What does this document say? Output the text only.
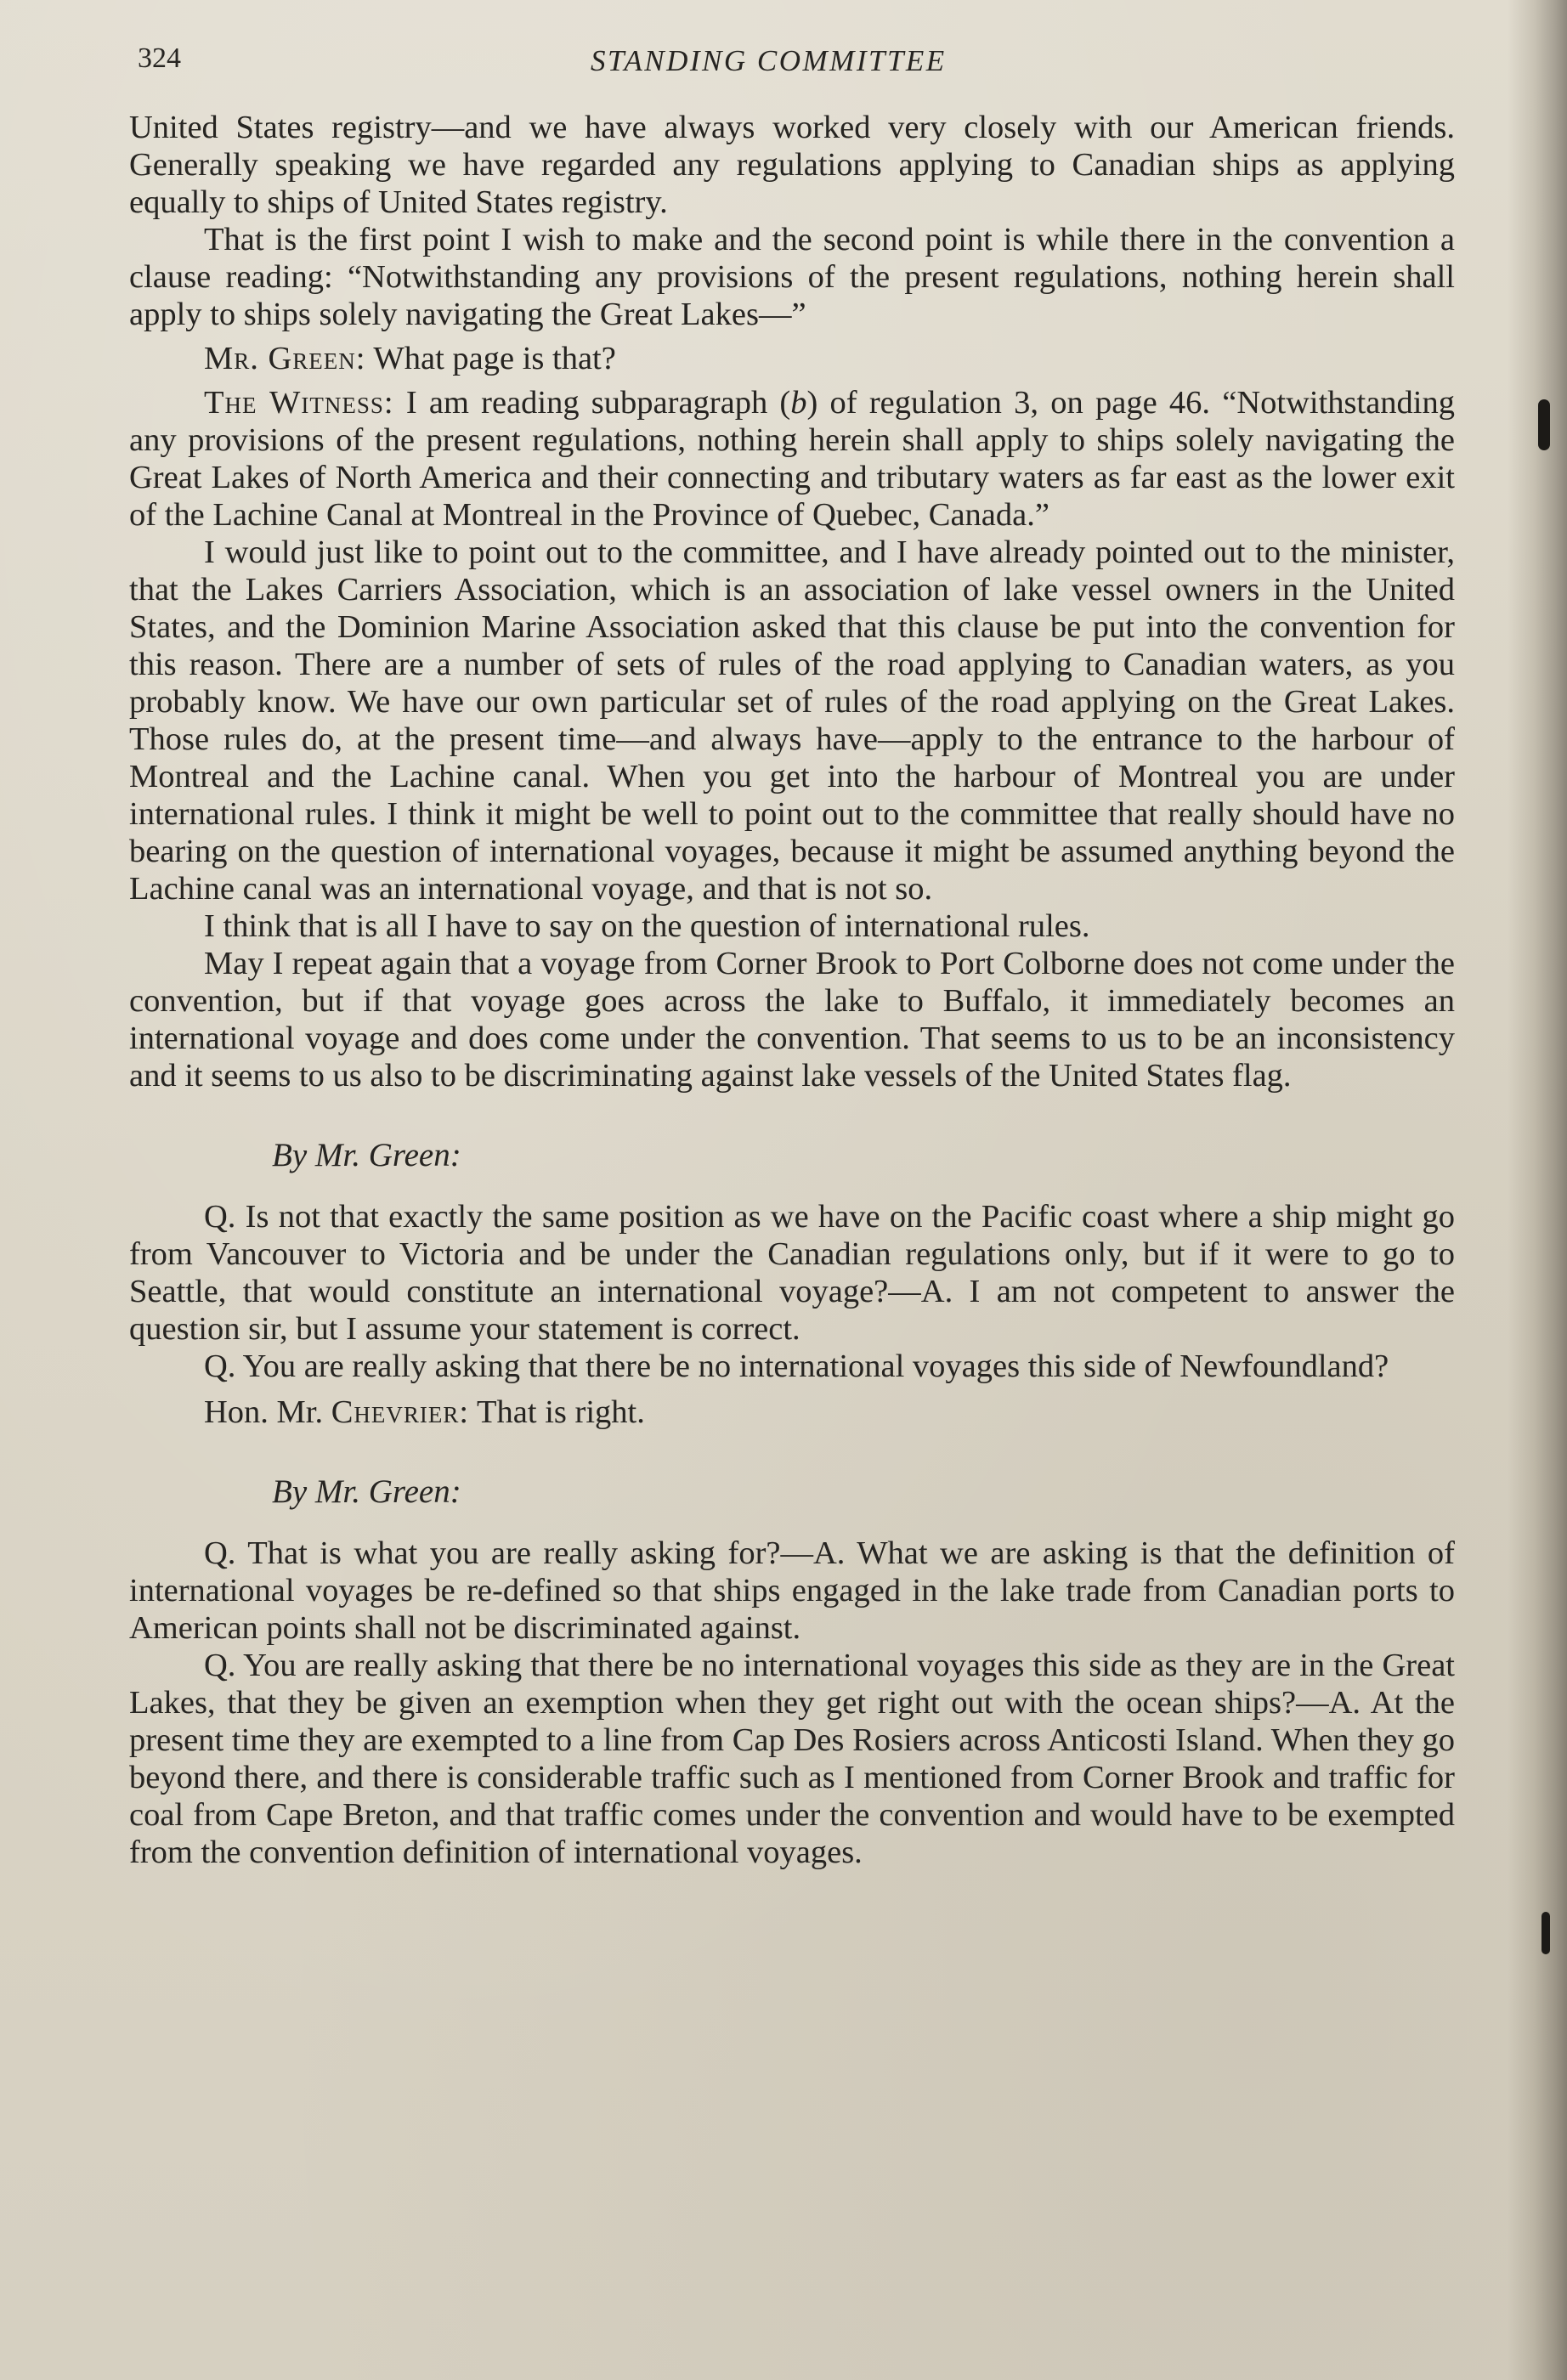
324	STANDING COMMITTEE

United States registry—and we have always worked very closely with our American friends. Generally speaking we have regarded any regulations applying to Canadian ships as applying equally to ships of United States registry.

That is the first point I wish to make and the second point is while there in the convention a clause reading: “Notwithstanding any provisions of the present regulations, nothing herein shall apply to ships solely navigating the Great Lakes—”

Mr. Green: What page is that?

The Witness: I am reading subparagraph (b) of regulation 3, on page 46. “Notwithstanding any provisions of the present regulations, nothing herein shall apply to ships solely navigating the Great Lakes of North America and their connecting and tributary waters as far east as the lower exit of the Lachine Canal at Montreal in the Province of Quebec, Canada.”

I would just like to point out to the committee, and I have already pointed out to the minister, that the Lakes Carriers Association, which is an association of lake vessel owners in the United States, and the Dominion Marine Association asked that this clause be put into the convention for this reason. There are a number of sets of rules of the road applying to Canadian waters, as you probably know. We have our own particular set of rules of the road applying on the Great Lakes. Those rules do, at the present time—and always have—apply to the entrance to the harbour of Montreal and the Lachine canal. When you get into the harbour of Montreal you are under international rules. I think it might be well to point out to the committee that really should have no bearing on the question of international voyages, because it might be assumed anything beyond the Lachine canal was an international voyage, and that is not so.

I think that is all I have to say on the question of international rules.

May I repeat again that a voyage from Corner Brook to Port Colborne does not come under the convention, but if that voyage goes across the lake to Buffalo, it immediately becomes an international voyage and does come under the convention. That seems to us to be an inconsistency and it seems to us also to be discriminating against lake vessels of the United States flag.

By Mr. Green:

Q. Is not that exactly the same position as we have on the Pacific coast where a ship might go from Vancouver to Victoria and be under the Canadian regulations only, but if it were to go to Seattle, that would constitute an international voyage?—A. I am not competent to answer the question sir, but I assume your statement is correct.

Q. You are really asking that there be no international voyages this side of Newfoundland?

Hon. Mr. Chevrier: That is right.

By Mr. Green:

Q. That is what you are really asking for?—A. What we are asking is that the definition of international voyages be re-defined so that ships engaged in the lake trade from Canadian ports to American points shall not be discriminated against.

Q. You are really asking that there be no international voyages this side as they are in the Great Lakes, that they be given an exemption when they get right out with the ocean ships?—A. At the present time they are exempted to a line from Cap Des Rosiers across Anticosti Island. When they go beyond there, and there is considerable traffic such as I mentioned from Corner Brook and traffic for coal from Cape Breton, and that traffic comes under the convention and would have to be exempted from the convention definition of international voyages.
